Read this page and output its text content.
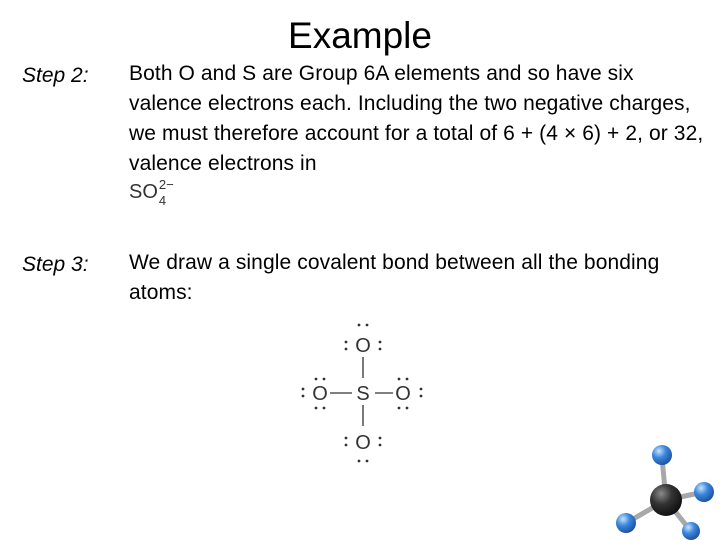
Example
Step 2: Both O and S are Group 6A elements and so have six valence electrons each. Including the two negative charges, we must therefore account for a total of 6 + (4 × 6) + 2, or 32, valence electrons in
SO 2−
4
Step 3: We draw a single covalent bond between all the bonding atoms:
O
S
O	O
O
